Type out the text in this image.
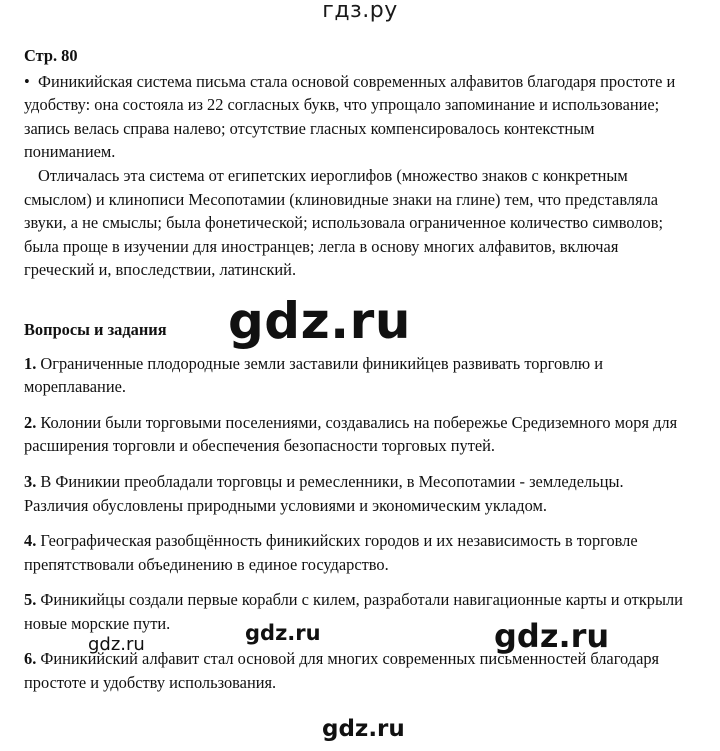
гдз.ру

Стр. 80

• Финикийская система письма стала основой современных алфавитов благодаря простоте и удобству: она состояла из 22 согласных букв, что упрощало запоминание и использование; запись велась справа налево; отсутствие гласных компенсировалось контекстным пониманием.

Отличалась эта система от египетских иероглифов (множество знаков с конкретным смыслом) и клинописи Месопотамии (клиновидные знаки на глине) тем, что представляла звуки, а не смыслы; была фонетической; использовала ограниченное количество символов; была проще в изучении для иностранцев; легла в основу многих алфавитов, включая греческий и, впоследствии, латинский.

Вопросы и задания

1. Ограниченные плодородные земли заставили финикийцев развивать торговлю и мореплавание.

2. Колонии были торговыми поселениями, создавались на побережье Средиземного моря для расширения торговли и обеспечения безопасности торговых путей.

3. В Финикии преобладали торговцы и ремесленники, в Месопотамии - земледельцы. Различия обусловлены природными условиями и экономическим укладом.

4. Географическая разобщённость финикийских городов и их независимость в торговле препятствовали объединению в единое государство.

5. Финикийцы создали первые корабли с килем, разработали навигационные карты и открыли новые морские пути.

6. Финикийский алфавит стал основой для многих современных письменностей благодаря простоте и удобству использования.

gdz.ru
gdz.ru
gdz.ru	gdz.ru
gdz.ru
